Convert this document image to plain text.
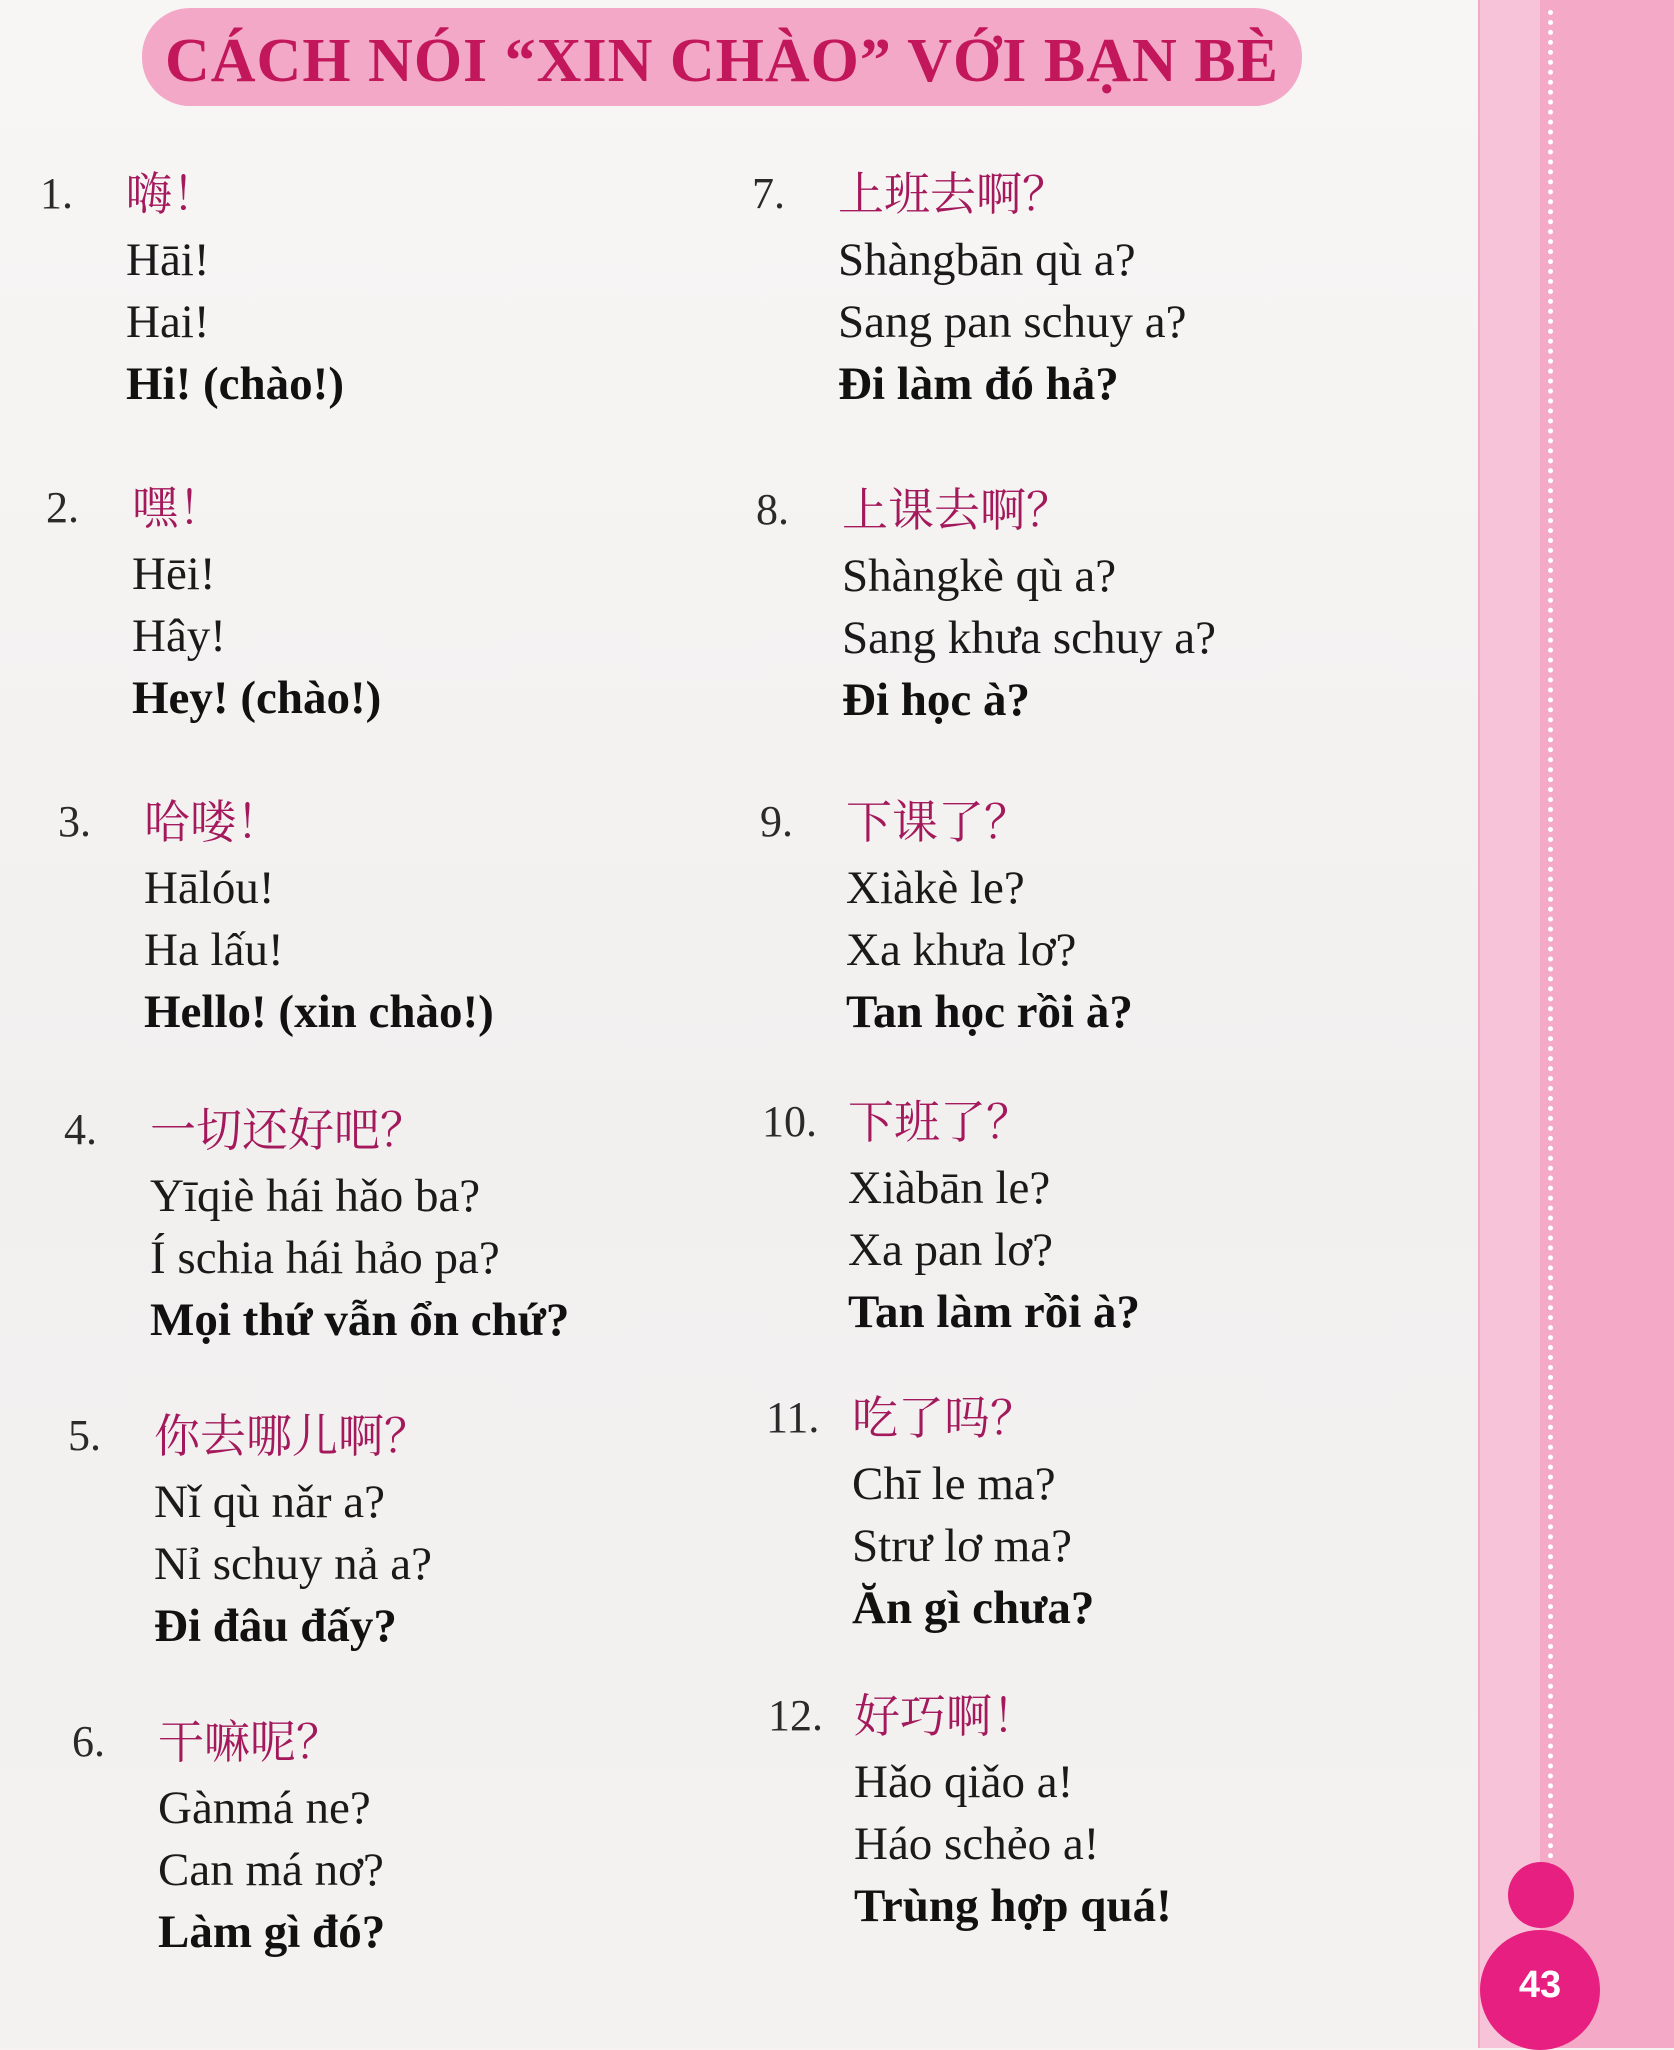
CÁCH NÓI “XIN CHÀO” VỚI BẠN BÈ
1. 嗨！
Hāi!
Hai!
Hi! (chào!)
2. 嘿！
Hēi!
Hây!
Hey! (chào!)
3. 哈喽！
Hālóu!
Ha lấu!
Hello! (xin chào!)
4. 一切还好吧？
Yīqiè hái hǎo ba?
Í schia hái hảo pa?
Mọi thứ vẫn ổn chứ?
5. 你去哪儿啊？
Nǐ qù nǎr a?
Nỉ schuy nả a?
Đi đâu đấy?
6. 干嘛呢？
Gànmá ne?
Can má nơ?
Làm gì đó?
7. 上班去啊？
Shàngbān qù a?
Sang pan schuy a?
Đi làm đó hả?
8. 上课去啊？
Shàngkè qù a?
Sang khưa schuy a?
Đi học à?
9. 下课了？
Xiàkè le?
Xa khưa lơ?
Tan học rồi à?
10. 下班了？
Xiàbān le?
Xa pan lơ?
Tan làm rồi à?
11. 吃了吗？
Chī le ma?
Strư lơ ma?
Ăn gì chưa?
12. 好巧啊！
Hǎo qiǎo a!
Háo schẻo a!
Trùng hợp quá!
43
